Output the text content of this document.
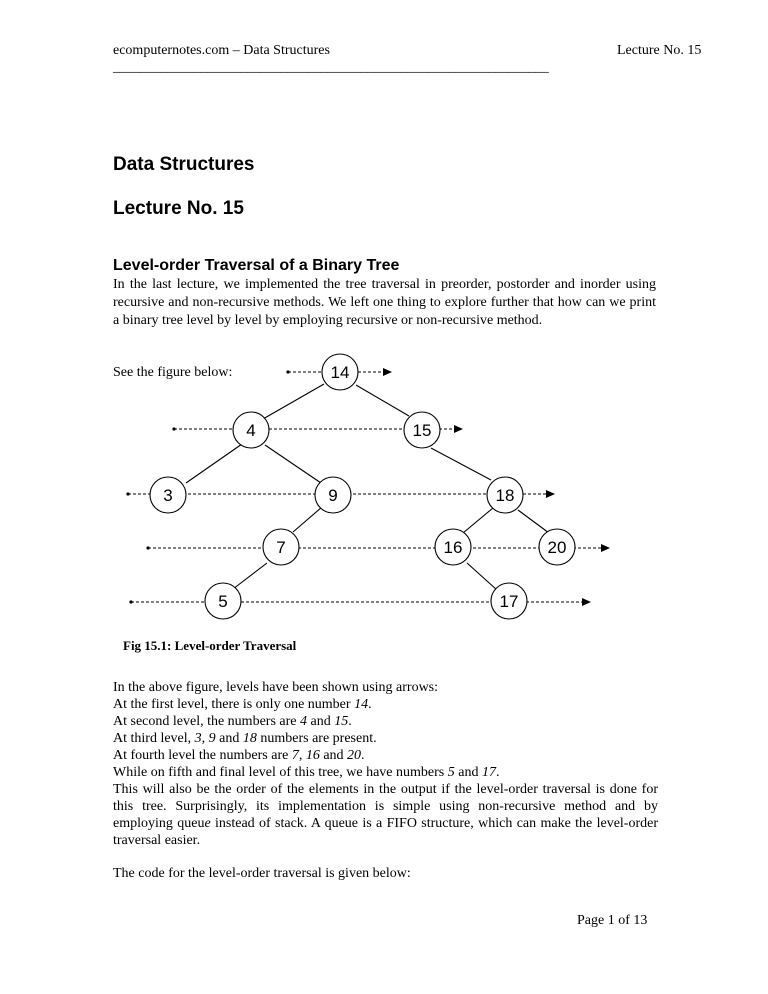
ecomputernotes.com – Data Structures	Lecture No. 15
_________________________________________________________________
Data Structures
Lecture No. 15
Level-order Traversal of a Binary Tree
In the last lecture, we implemented the tree traversal in preorder, postorder and inorder using recursive and non-recursive methods. We left one thing to explore further that how can we print a binary tree level by level by employing recursive or non-recursive method.
See the figure below:	14
4	15
3	9	18
7	16	20
5	17
Fig 15.1: Level-order Traversal
In the above figure, levels have been shown using arrows:
At the first level, there is only one number 14.
At second level, the numbers are 4 and 15.
At third level, 3, 9 and 18 numbers are present.
At fourth level the numbers are 7, 16 and 20.
While on fifth and final level of this tree, we have numbers 5 and 17.
This will also be the order of the elements in the output if the level-order traversal is done for this tree. Surprisingly, its implementation is simple using non-recursive method and by employing queue instead of stack. A queue is a FIFO structure, which can make the level-order traversal easier.
The code for the level-order traversal is given below:
Page 1 of 13
